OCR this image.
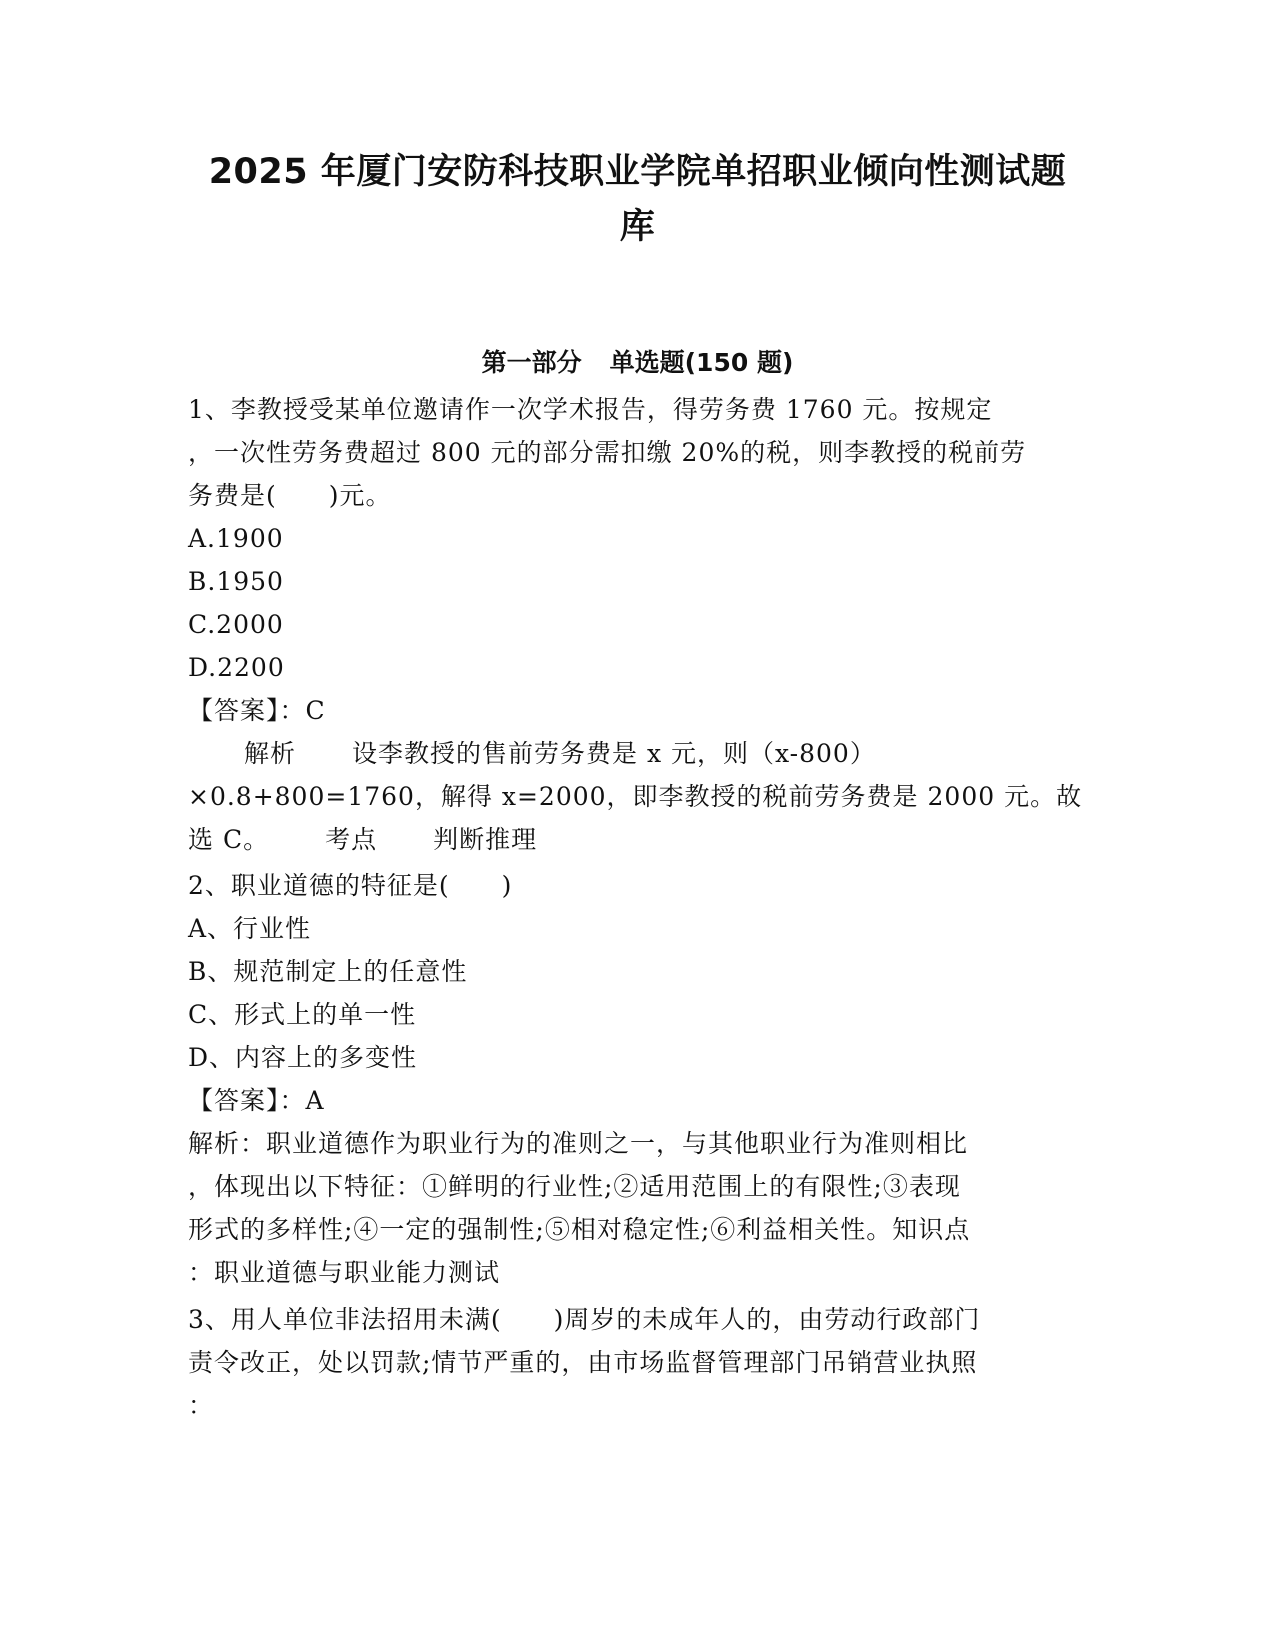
2025 年厦门安防科技职业学院单招职业倾向性测试题
库
第一部分 单选题(150 题)
1、李教授受某单位邀请作一次学术报告，得劳务费 1760 元。按规定
，一次性劳务费超过 800 元的部分需扣缴 20%的税，则李教授的税前劳
务费是(　　)元。
A.1900
B.1950
C.2000
D.2200
【答案】：C
解析 设李教授的售前劳务费是 x 元，则（x-800）
×0.8+800=1760，解得 x=2000，即李教授的税前劳务费是 2000 元。故
选 C。 考点 判断推理
2、职业道德的特征是(　　)
A、行业性
B、规范制定上的任意性
C、形式上的单一性
D、内容上的多变性
【答案】：A
解析：职业道德作为职业行为的准则之一，与其他职业行为准则相比
，体现出以下特征：①鲜明的行业性;②适用范围上的有限性;③表现
形式的多样性;④一定的强制性;⑤相对稳定性;⑥利益相关性。知识点
：职业道德与职业能力测试
3、用人单位非法招用未满(　　)周岁的未成年人的，由劳动行政部门
责令改正，处以罚款;情节严重的，由市场监督管理部门吊销营业执照
：
